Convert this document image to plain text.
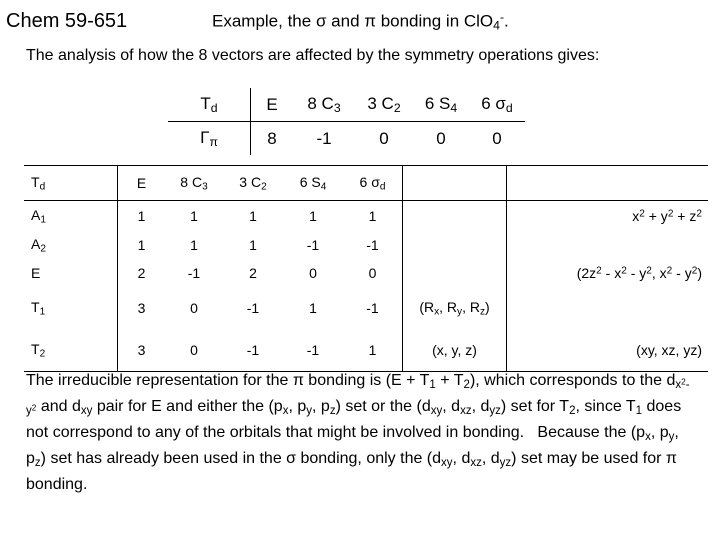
Chem 59-651	Example, the σ and π bonding in ClO$_4$-.
The analysis of how the 8 vectors are affected by the symmetry operations gives:
$T_d$	E	8 $C_3$	3 $C_2$	6 $S_4$	6 $\sigma_d$
$\Gamma_\pi$	8	-1	0	0	0
$T_d$	E	8 $C_3$	3 $C_2$	6 $S_4$	6 $\sigma_d$		
$A_1$	1	1	1	1	1		$x^2 + y^2 + z^2$
$A_2$	1	1	1	-1	-1		
E	2	-1	2	0	0		($2z^2 - x^2 - y^2$, $x^2 - y^2$)
$T_1$	3	0	-1	1	-1	($R_x$, $R_y$, $R_z$)	
$T_2$	3	0	-1	-1	1	(x, y, z)	(xy, xz, yz)
The irreducible representation for the π bonding is $(E + T_1 + T_2)$, which corresponds to the $d_{x^2-y^2}$ and $d_{xy}$ pair for E and either the ($p_x$, $p_y$, $p_z$) set or the ($d_{xy}$, $d_{xz}$, $d_{yz}$) set for $T_2$, since $T_1$ does not correspond to any of the orbitals that might be involved in bonding.   Because the ($p_x$, $p_y$, $p_z$) set has already been used in the σ bonding, only the ($d_{xy}$, $d_{xz}$, $d_{yz}$) set may be used for π bonding.
